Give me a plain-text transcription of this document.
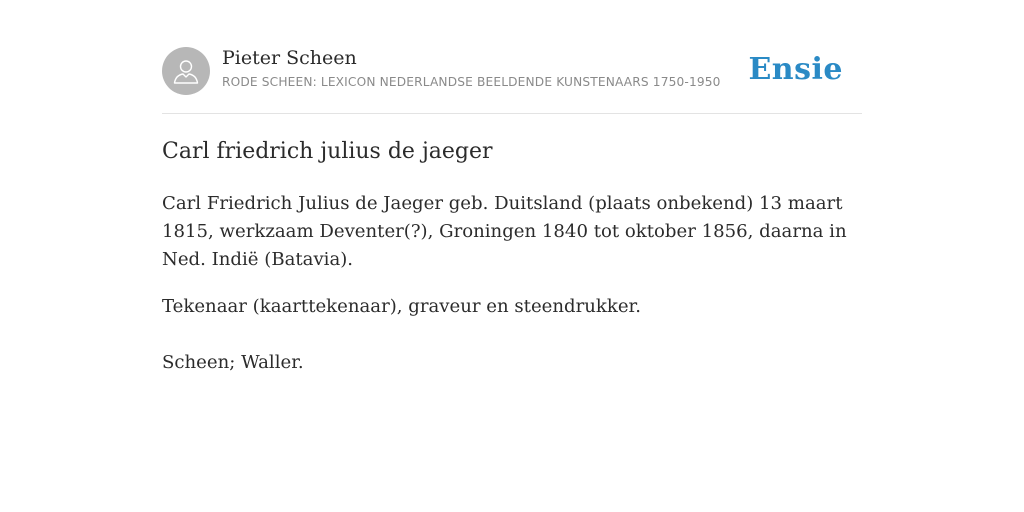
Pieter Scheen
RODE SCHEEN: LEXICON NEDERLANDSE BEELDENDE KUNSTENAARS 1750-1950 Ensie
Carl friedrich julius de jaeger

Carl Friedrich Julius de Jaeger geb. Duitsland (plaats onbekend) 13 maart 1815, werkzaam Deventer(?), Groningen 1840 tot oktober 1856, daarna in Ned. Indië (Batavia).

Tekenaar (kaarttekenaar), graveur en steendrukker.

Scheen; Waller.
